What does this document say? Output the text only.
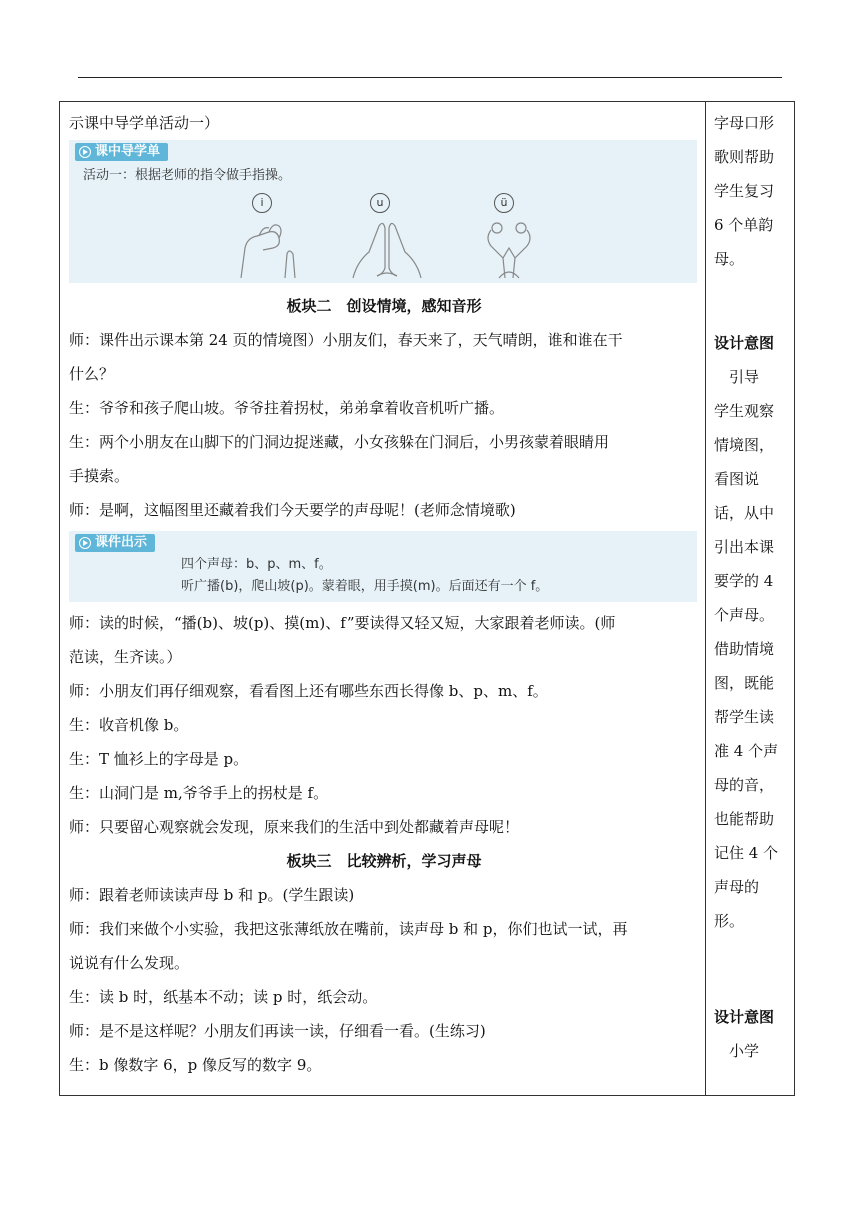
示课中导学单活动一）
课中导学单
活动一：根据老师的指令做手指操。
i	u	ü
板块二　创设情境，感知音形
师：课件出示课本第 24 页的情境图）小朋友们，春天来了，天气晴朗，谁和谁在干
什么？
生：爷爷和孩子爬山坡。爷爷拄着拐杖，弟弟拿着收音机听广播。
生：两个小朋友在山脚下的门洞边捉迷藏，小女孩躲在门洞后，小男孩蒙着眼睛用
手摸索。
师：是啊，这幅图里还藏着我们今天要学的声母呢！(老师念情境歌)
课件出示
四个声母：b、p、m、f。
听广播(b)，爬山坡(p)。蒙着眼，用手摸(m)。后面还有一个 f。
师：读的时候，“播(b)、坡(p)、摸(m)、f”要读得又轻又短，大家跟着老师读。(师
范读，生齐读。）
师：小朋友们再仔细观察，看看图上还有哪些东西长得像 b、p、m、f。
生：收音机像 b。
生：T 恤衫上的字母是 p。
生：山洞门是 m,爷爷手上的拐杖是 f。
师：只要留心观察就会发现，原来我们的生活中到处都藏着声母呢！
板块三　比较辨析，学习声母
师：跟着老师读读声母 b 和 p。(学生跟读)
师：我们来做个小实验，我把这张薄纸放在嘴前，读声母 b 和 p，你们也试一试，再
说说有什么发现。
生：读 b 时，纸基本不动；读 p 时，纸会动。
师：是不是这样呢？小朋友们再读一读，仔细看一看。(生练习)
生：b 像数字 6，p 像反写的数字 9。
字母口形
歌则帮助
学生复习
6 个单韵
母。
设计意图
　引导
学生观察
情境图，
看图说
话，从中
引出本课
要学的 4
个声母。
借助情境
图，既能
帮学生读
准 4 个声
母的音，
也能帮助
记住 4 个
声母的
形。
设计意图
　小学
